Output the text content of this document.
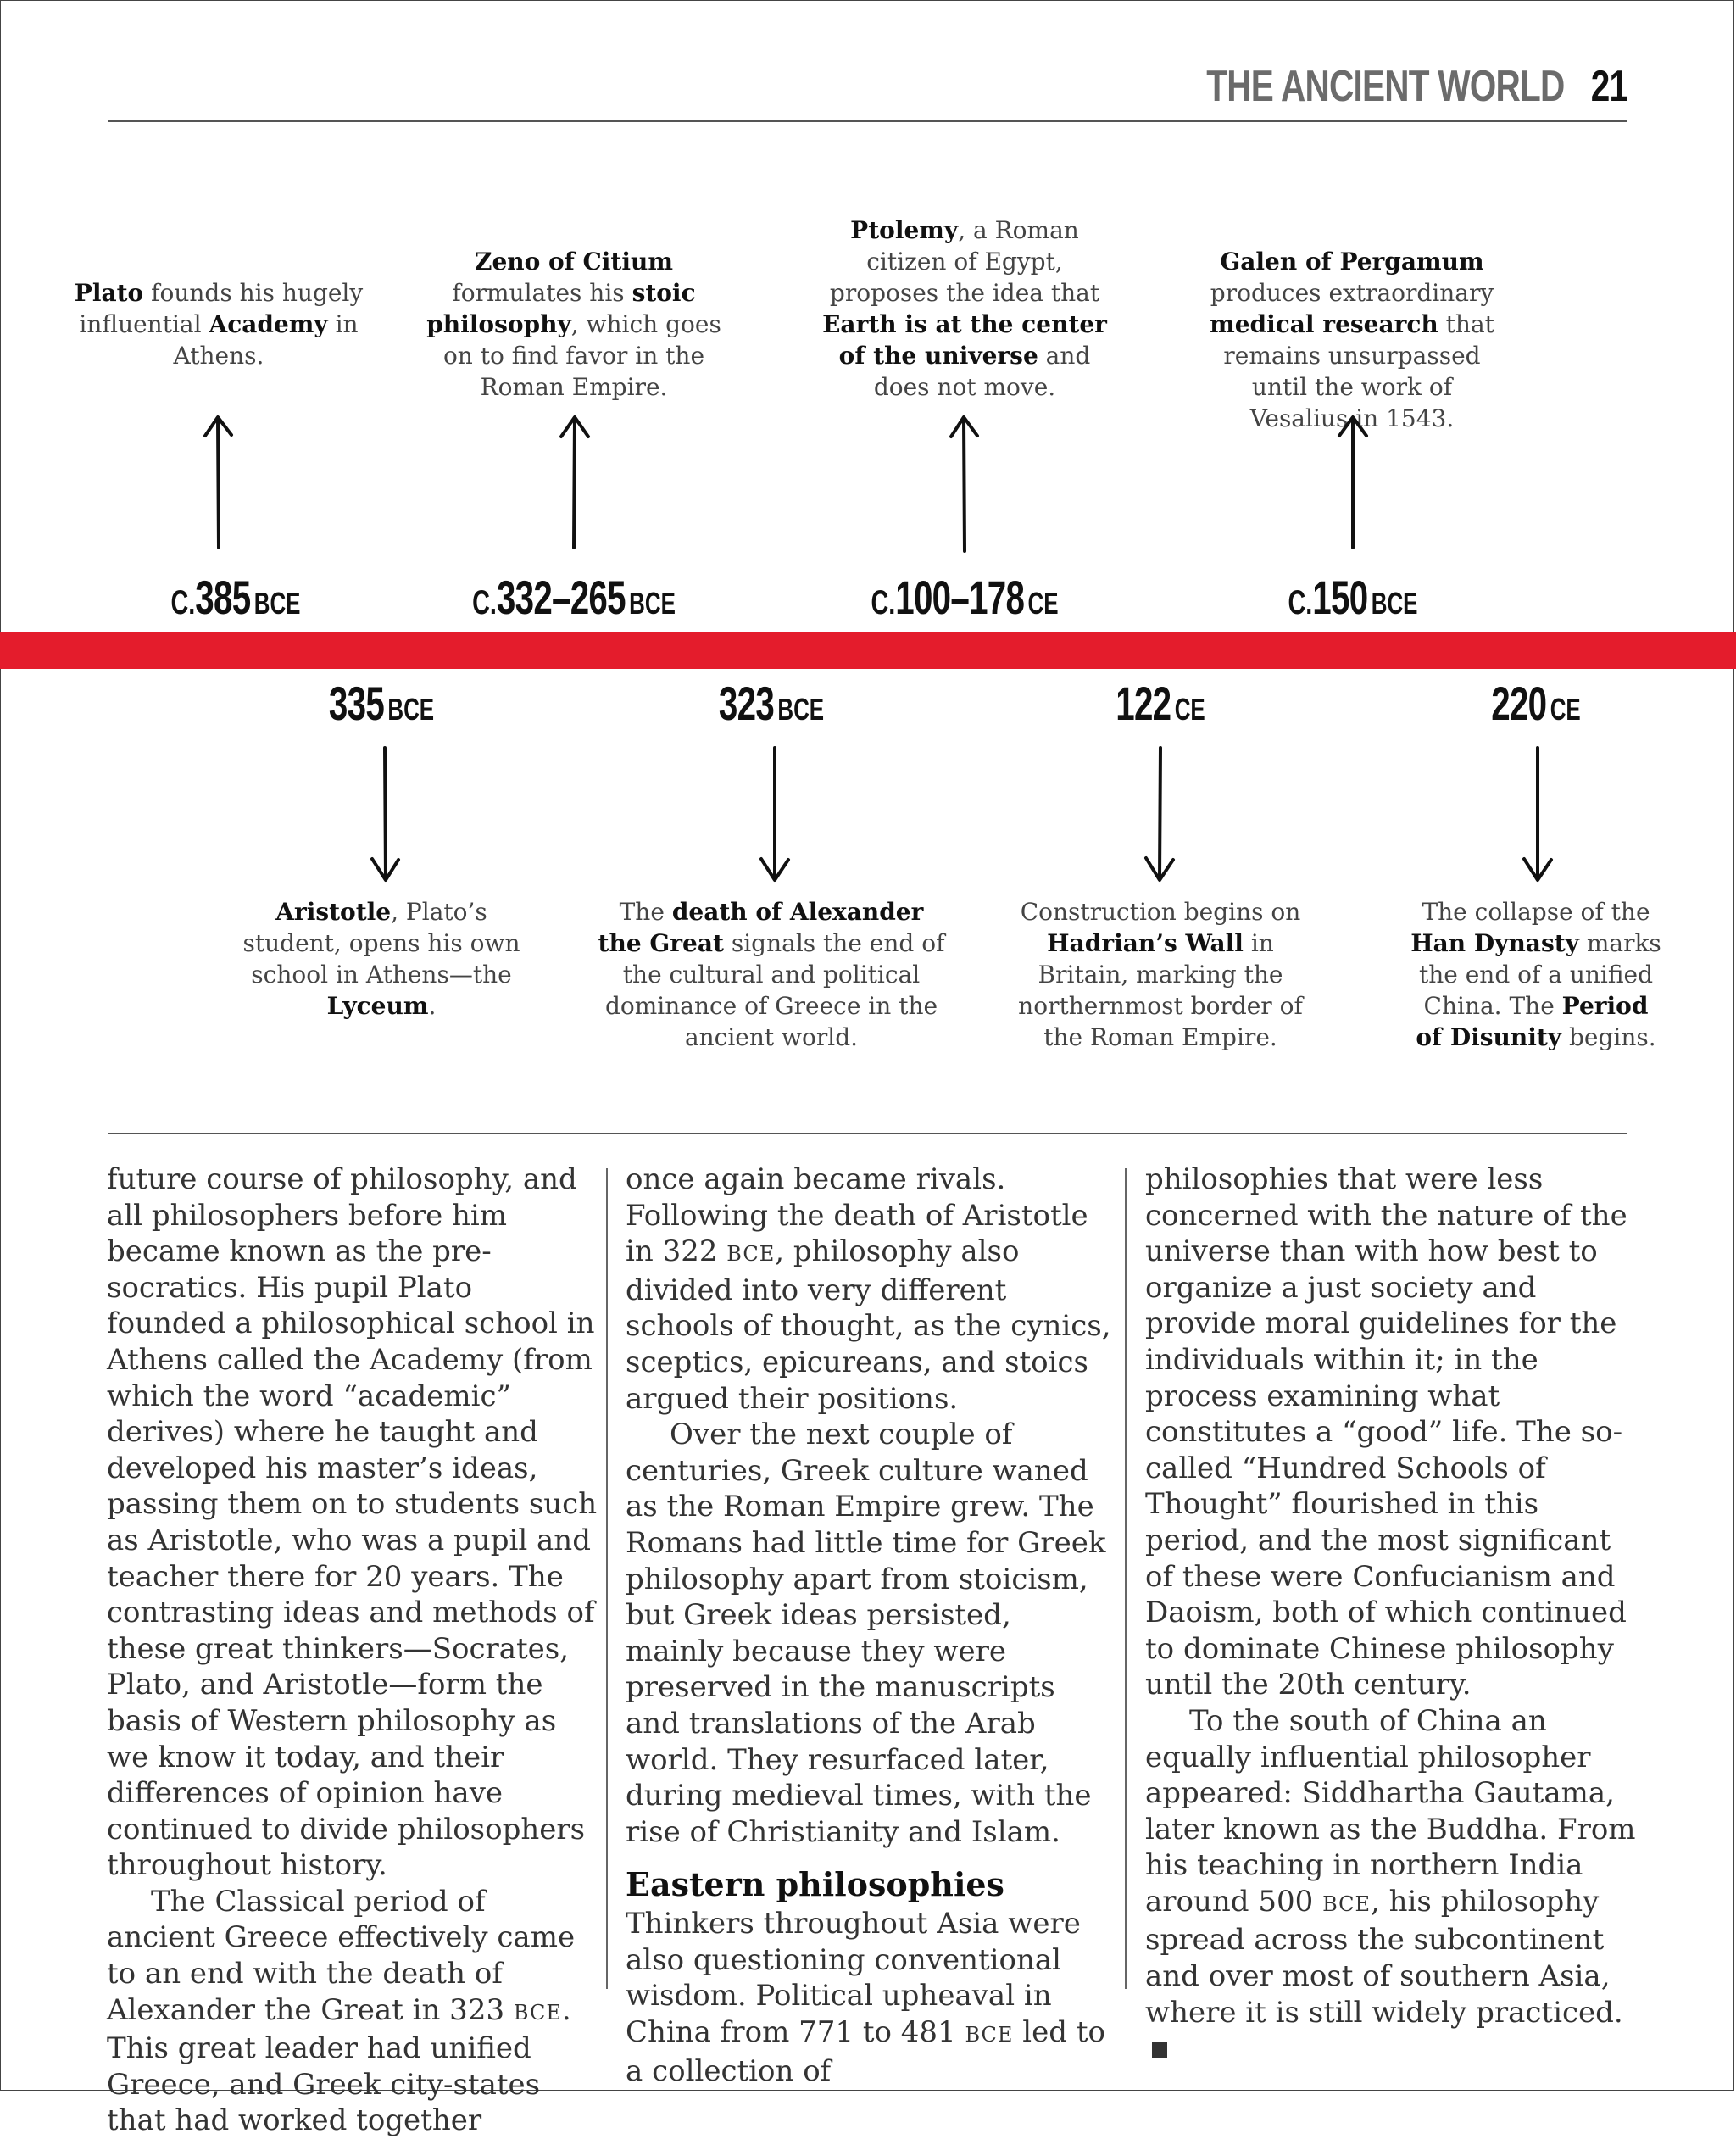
THE ANCIENT WORLD 21
Plato founds his hugely influential Academy in Athens.
Zeno of Citium formulates his stoic philosophy, which goes on to find favor in the Roman Empire.
Ptolemy, a Roman citizen of Egypt, proposes the idea that Earth is at the center of the universe and does not move.
Galen of Pergamum produces extraordinary medical research that remains unsurpassed until the work of Vesalius in 1543.
C.385 BCE	C.332–265 BCE	C.100–178 CE	C.150 BCE
335 BCE	323 BCE	122 CE	220 CE
Aristotle, Plato’s student, opens his own school in Athens—the Lyceum.
The death of Alexander the Great signals the end of the cultural and political dominance of Greece in the ancient world.
Construction begins on Hadrian’s Wall in Britain, marking the northernmost border of the Roman Empire.
The collapse of the Han Dynasty marks the end of a unified China. The Period of Disunity begins.

future course of philosophy, and all philosophers before him became known as the pre-socratics. His pupil Plato founded a philosophical school in Athens called the Academy (from which the word “academic” derives) where he taught and developed his master’s ideas, passing them on to students such as Aristotle, who was a pupil and teacher there for 20 years. The contrasting ideas and methods of these great thinkers—Socrates, Plato, and Aristotle—form the basis of Western philosophy as we know it today, and their differences of opinion have continued to divide philosophers throughout history.

The Classical period of ancient Greece effectively came to an end with the death of Alexander the Great in 323 BCE. This great leader had unified Greece, and Greek city-states that had worked together

once again became rivals. Following the death of Aristotle in 322 BCE, philosophy also divided into very different schools of thought, as the cynics, sceptics, epicureans, and stoics argued their positions.

Over the next couple of centuries, Greek culture waned as the Roman Empire grew. The Romans had little time for Greek philosophy apart from stoicism, but Greek ideas persisted, mainly because they were preserved in the manuscripts and translations of the Arab world. They resurfaced later, during medieval times, with the rise of Christianity and Islam.

Eastern philosophies

Thinkers throughout Asia were also questioning conventional wisdom. Political upheaval in China from 771 to 481 BCE led to a collection of

philosophies that were less concerned with the nature of the universe than with how best to organize a just society and provide moral guidelines for the individuals within it; in the process examining what constitutes a “good” life. The so-called “Hundred Schools of Thought” flourished in this period, and the most significant of these were Confucianism and Daoism, both of which continued to dominate Chinese philosophy until the 20th century.

To the south of China an equally influential philosopher appeared: Siddhartha Gautama, later known as the Buddha. From his teaching in northern India around 500 BCE, his philosophy spread across the subcontinent and over most of southern Asia, where it is still widely practiced.
